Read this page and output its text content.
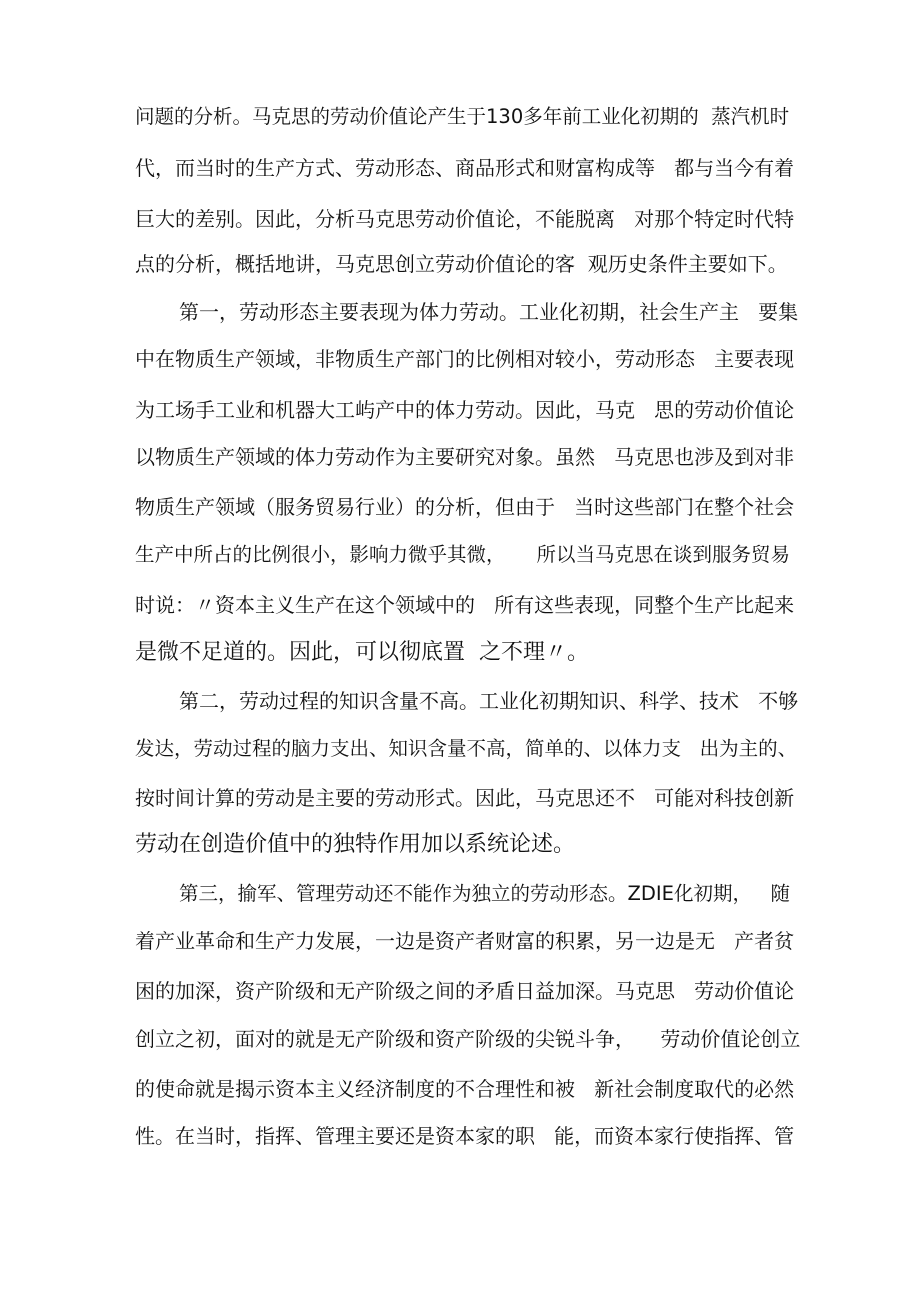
问题的分析。马克思的劳动价值论产生于130多年前工业化初期的  蒸汽机时
代，而当时的生产方式、劳动形态、商品形式和财富构成等   都与当今有着
巨大的差别。因此，分析马克思劳动价值论，不能脱离   对那个特定时代特
点的分析，概括地讲，马克思创立劳动价值论的客  观历史条件主要如下。
第一，劳动形态主要表现为体力劳动。工业化初期，社会生产主   要集
中在物质生产领域，非物质生产部门的比例相对较小，劳动形态   主要表现
为工场手工业和机器大工屿产中的体力劳动。因此，马克   思的劳动价值论
以物质生产领域的体力劳动作为主要研究对象。虽然   马克思也涉及到对非
物质生产领域（服务贸易行业）的分析，但由于   当时这些部门在整个社会
生产中所占的比例很小，影响力微乎其微，     所以当马克思在谈到服务贸易
时说：〃资本主义生产在这个领域中的   所有这些表现，同整个生产比起来
是微不足道的。因此，可以彻底置  之不理〃。
第二，劳动过程的知识含量不高。工业化初期知识、科学、技术   不够
发达，劳动过程的脑力支出、知识含量不高，简单的、以体力支   出为主的、
按时间计算的劳动是主要的劳动形式。因此，马克思还不   可能对科技创新
劳动在创造价值中的独特作用加以系统论述。
第三，揄军、管理劳动还不能作为独立的劳动形态。ZDIE化初期，   随
着产业革命和生产力发展，一边是资产者财富的积累，另一边是无   产者贫
困的加深，资产阶级和无产阶级之间的矛盾日益加深。马克思   劳动价值论
创立之初，面对的就是无产阶级和资产阶级的尖锐斗争，    劳动价值论创立
的使命就是揭示资本主义经济制度的不合理性和被   新社会制度取代的必然
性。在当时，指挥、管理主要还是资本家的职   能，而资本家行使指挥、管
